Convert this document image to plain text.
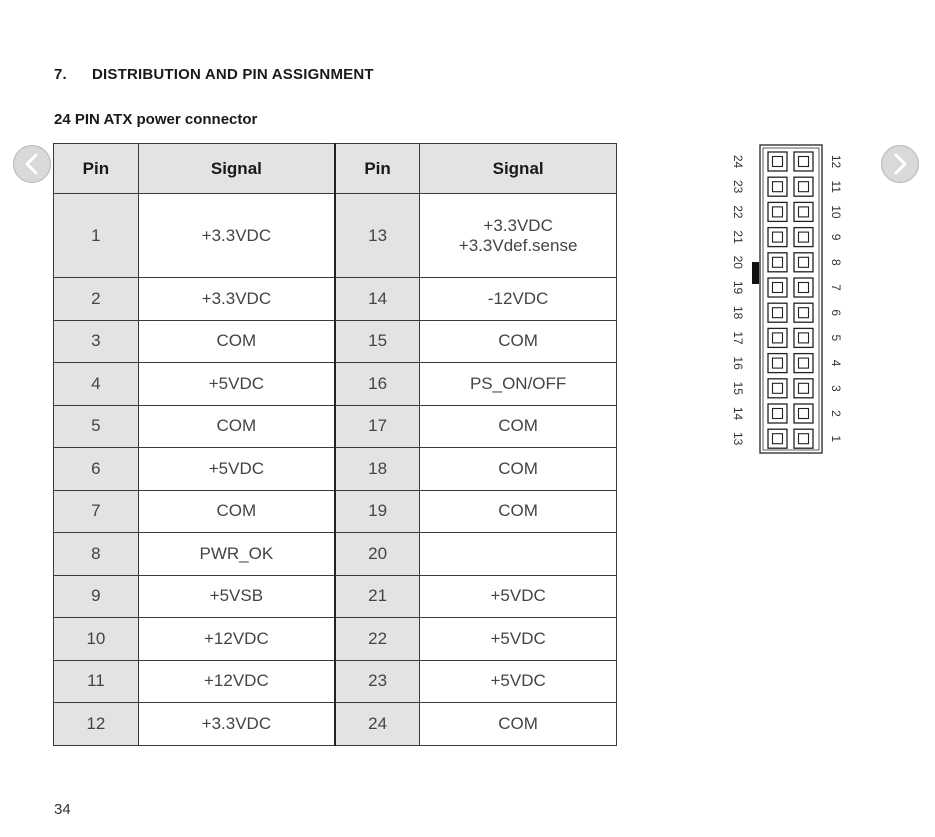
7. DISTRIBUTION AND PIN ASSIGNMENT
24 PIN ATX power connector
Pin	Signal	Pin	Signal
1	+3.3VDC	13	+3.3VDC
+3.3Vdef.sense

2	+3.3VDC	14	-12VDC
3	COM	15	COM
4	+5VDC	16	PS_ON/OFF
5	COM	17	COM
6	+5VDC	18	COM
7	COM	19	COM
8	PWR_OK	20	
9	+5VSB	21	+5VDC
10	+12VDC	22	+5VDC
11	+12VDC	23	+5VDC
12	+3.3VDC	24	COM
24	12
23	11
22	10
21	9
20	8
19	7
18	6
17	5
16	4
15	3
14	2
13	1
34
